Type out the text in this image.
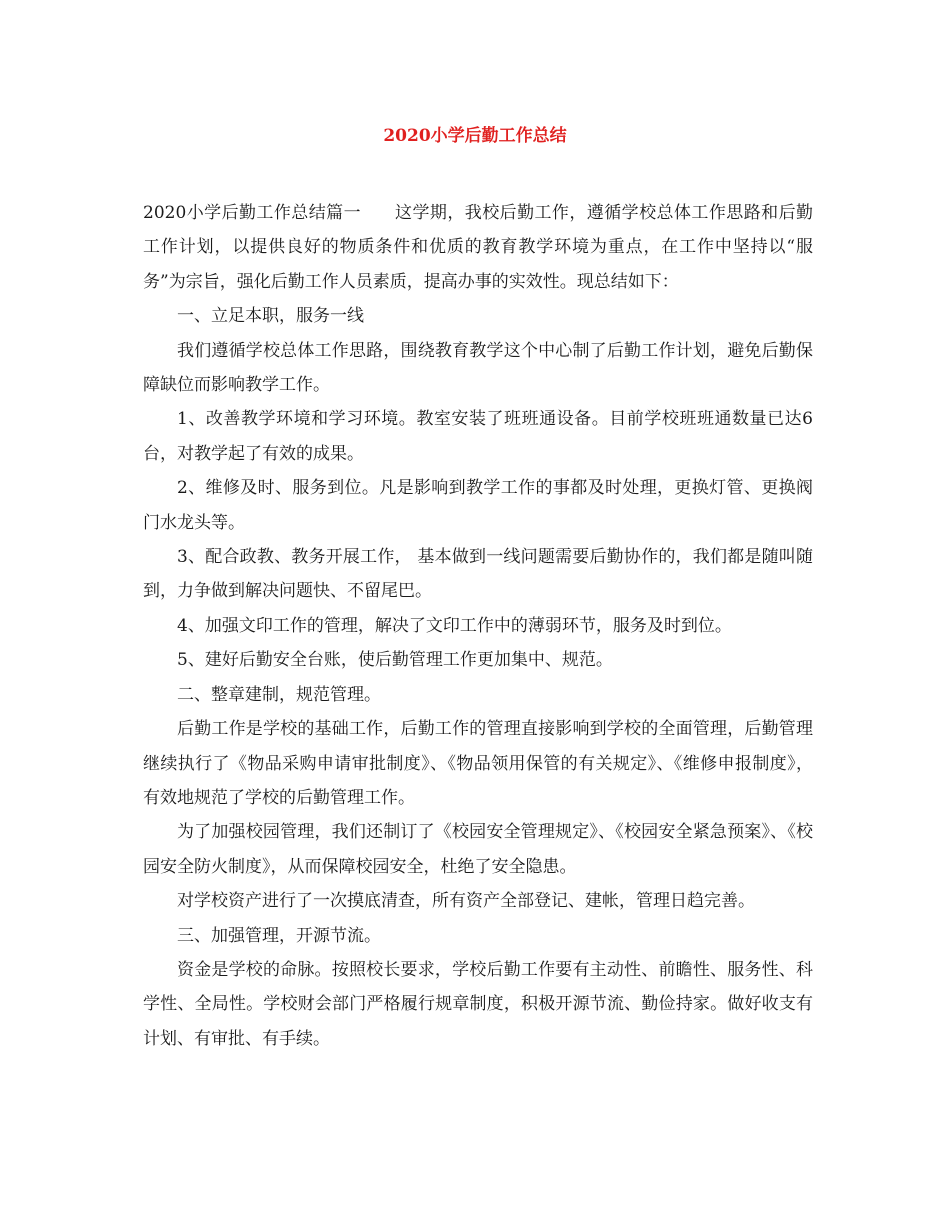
2020小学后勤工作总结

2020小学后勤工作总结篇一 这学期，我校后勤工作，遵循学校总体工作思路和后勤工作计划，以提供良好的物质条件和优质的教育教学环境为重点，在工作中坚持以“服务”为宗旨，强化后勤工作人员素质，提高办事的实效性。现总结如下：

一、立足本职，服务一线

我们遵循学校总体工作思路，围绕教育教学这个中心制了后勤工作计划，避免后勤保障缺位而影响教学工作。

1、改善教学环境和学习环境。教室安装了班班通设备。目前学校班班通数量已达6台，对教学起了有效的成果。

2、维修及时、服务到位。凡是影响到教学工作的事都及时处理，更换灯管、更换阀门水龙头等。

3、配合政教、教务开展工作， 基本做到一线问题需要后勤协作的，我们都是随叫随到，力争做到解决问题快、不留尾巴。

4、加强文印工作的管理，解决了文印工作中的薄弱环节，服务及时到位。

5、建好后勤安全台账，使后勤管理工作更加集中、规范。

二、整章建制，规范管理。

后勤工作是学校的基础工作，后勤工作的管理直接影响到学校的全面管理，后勤管理继续执行了《物品采购申请审批制度》、《物品领用保管的有关规定》、《维修申报制度》，有效地规范了学校的后勤管理工作。

为了加强校园管理，我们还制订了《校园安全管理规定》、《校园安全紧急预案》、《校园安全防火制度》，从而保障校园安全，杜绝了安全隐患。

对学校资产进行了一次摸底清查，所有资产全部登记、建帐，管理日趋完善。

三、加强管理，开源节流。

资金是学校的命脉。按照校长要求，学校后勤工作要有主动性、前瞻性、服务性、科学性、全局性。学校财会部门严格履行规章制度，积极开源节流、勤俭持家。做好收支有计划、有审批、有手续。
